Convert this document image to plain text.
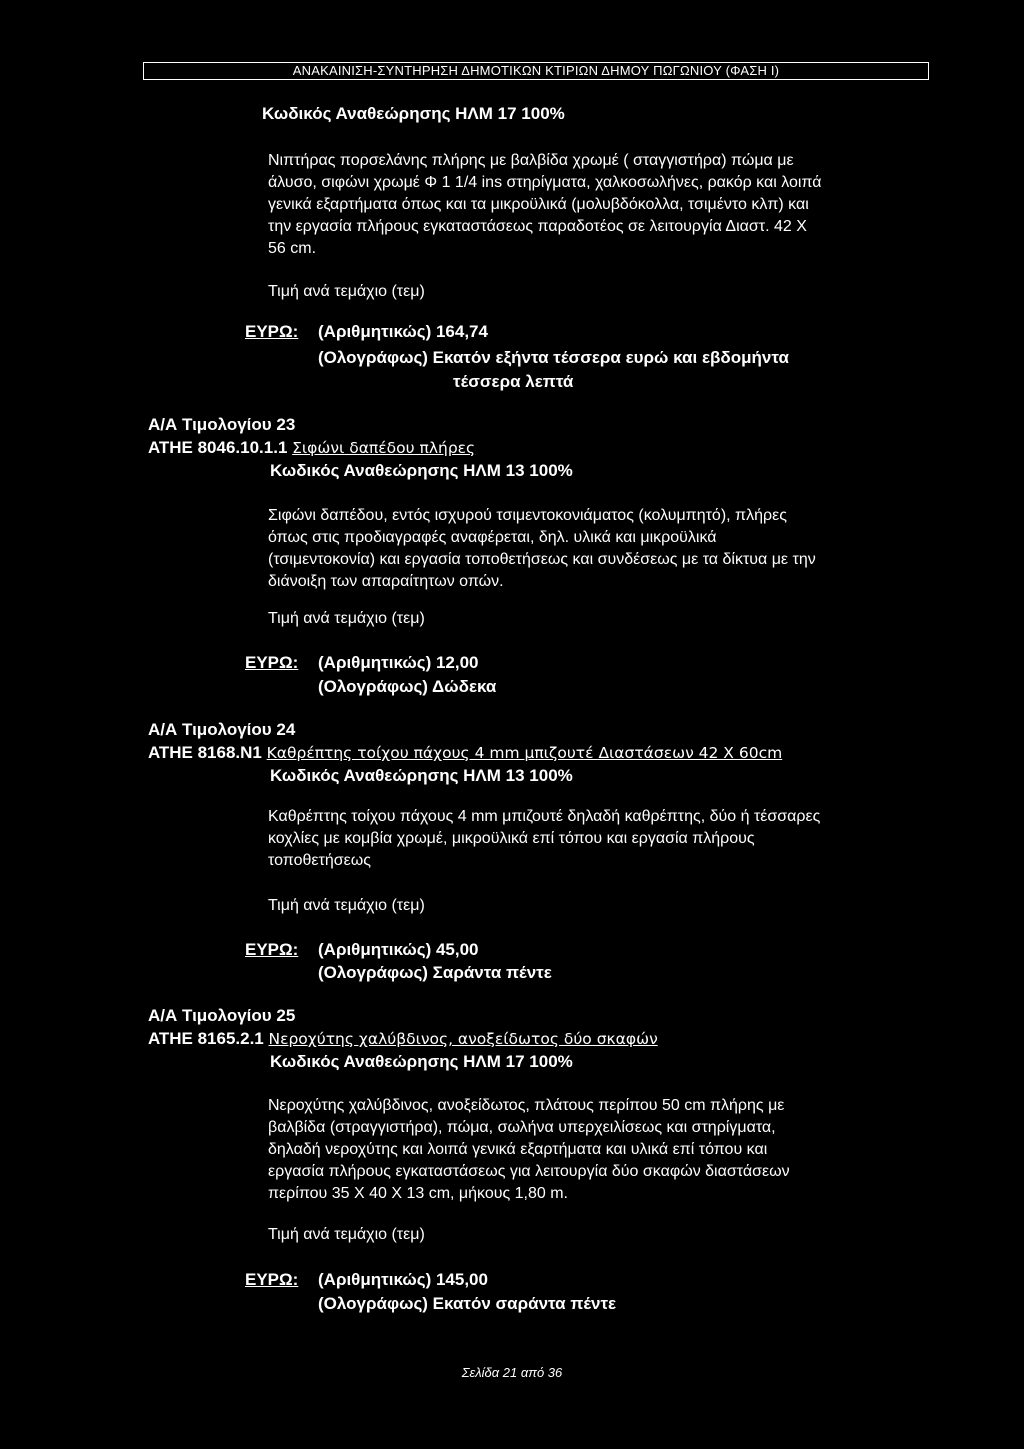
ΑΝΑΚΑΙΝΙΣΗ-ΣΥΝΤΗΡΗΣΗ ΔΗΜΟΤΙΚΩΝ ΚΤΙΡΙΩΝ ΔΗΜΟΥ ΠΩΓΩΝΙΟΥ (ΦΑΣΗ Ι)
Κωδικός Αναθεώρησης ΗΛΜ 17 100%
Νιπτήρας πορσελάνης πλήρης με βαλβίδα χρωμέ ( σταγγιστήρα) πώμα με
άλυσο, σιφώνι χρωμέ Φ 1 1/4 ins στηρίγματα, χαλκοσωλήνες, ρακόρ και λοιπά
γενικά εξαρτήματα όπως και τα μικροϋλικά (μολυβδόκολλα, τσιμέντο κλπ) και
την εργασία πλήρους εγκαταστάσεως παραδοτέος σε λειτουργία Διαστ. 42 Χ
56 cm.
Τιμή ανά τεμάχιο (τεμ)
ΕΥΡΩ: (Αριθμητικώς) 164,74
(Ολογράφως) Εκατόν εξήντα τέσσερα ευρώ και εβδομήντα
τέσσερα λεπτά
Α/Α Τιμολογίου 23
ΑΤΗΕ 8046.10.1.1 Σιφώνι δαπέδου πλήρες
Κωδικός Αναθεώρησης ΗΛΜ 13 100%
Σιφώνι δαπέδου, εντός ισχυρού τσιμεντοκονιάματος (κολυμπητό), πλήρες
όπως στις προδιαγραφές αναφέρεται, δηλ. υλικά και μικροϋλικά
(τσιμεντοκονία) και εργασία τοποθετήσεως και συνδέσεως με τα δίκτυα με την
διάνοιξη των απαραίτητων οπών.
Τιμή ανά τεμάχιο (τεμ)
ΕΥΡΩ: (Αριθμητικώς) 12,00
(Ολογράφως) Δώδεκα
Α/Α Τιμολογίου 24
ΑΤΗΕ 8168.Ν1 Καθρέπτης τοίχου πάχους 4 mm μπιζουτέ Διαστάσεων 42 Χ 60cm
Κωδικός Αναθεώρησης ΗΛΜ 13 100%
Καθρέπτης τοίχου πάχους 4 mm μπιζουτέ δηλαδή καθρέπτης, δύο ή τέσσαρες
κοχλίες με κομβία χρωμέ, μικροϋλικά επί τόπου και εργασία πλήρους
τοποθετήσεως
Τιμή ανά τεμάχιο (τεμ)
ΕΥΡΩ: (Αριθμητικώς) 45,00
(Ολογράφως) Σαράντα πέντε
Α/Α Τιμολογίου 25
ΑΤΗΕ 8165.2.1 Νεροχύτης χαλύβδινος, ανοξείδωτος δύο σκαφών
Κωδικός Αναθεώρησης ΗΛΜ 17 100%
Νεροχύτης χαλύβδινος, ανοξείδωτος, πλάτους περίπου 50 cm πλήρης με
βαλβίδα (στραγγιστήρα), πώμα, σωλήνα υπερχειλίσεως και στηρίγματα,
δηλαδή νεροχύτης και λοιπά γενικά εξαρτήματα και υλικά επί τόπου και
εργασία πλήρους εγκαταστάσεως για λειτουργία δύο σκαφών διαστάσεων
περίπου 35 Χ 40 Χ 13 cm, μήκους 1,80 m.
Τιμή ανά τεμάχιο (τεμ)
ΕΥΡΩ: (Αριθμητικώς) 145,00
(Ολογράφως) Εκατόν σαράντα πέντε
Σελίδα 21 από 36
